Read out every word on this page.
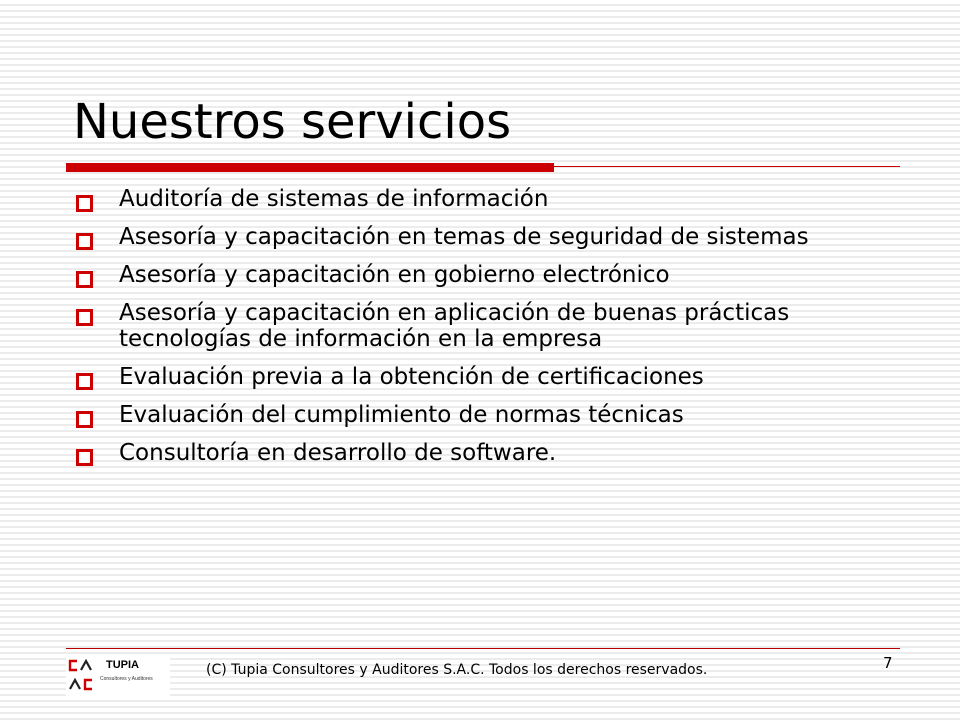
Nuestros servicios
Auditoría de sistemas de información
Asesoría y capacitación en temas de seguridad de sistemas
Asesoría y capacitación en gobierno electrónico
Asesoría y capacitación en aplicación de buenas prácticas tecnologías de información en la empresa
Evaluación previa a la obtención de certificaciones
Evaluación del cumplimiento de normas técnicas
Consultoría en desarrollo de software.
TUPIA
Consultores y Auditores
(C) Tupia Consultores y Auditores S.A.C. Todos los derechos reservados.	7
